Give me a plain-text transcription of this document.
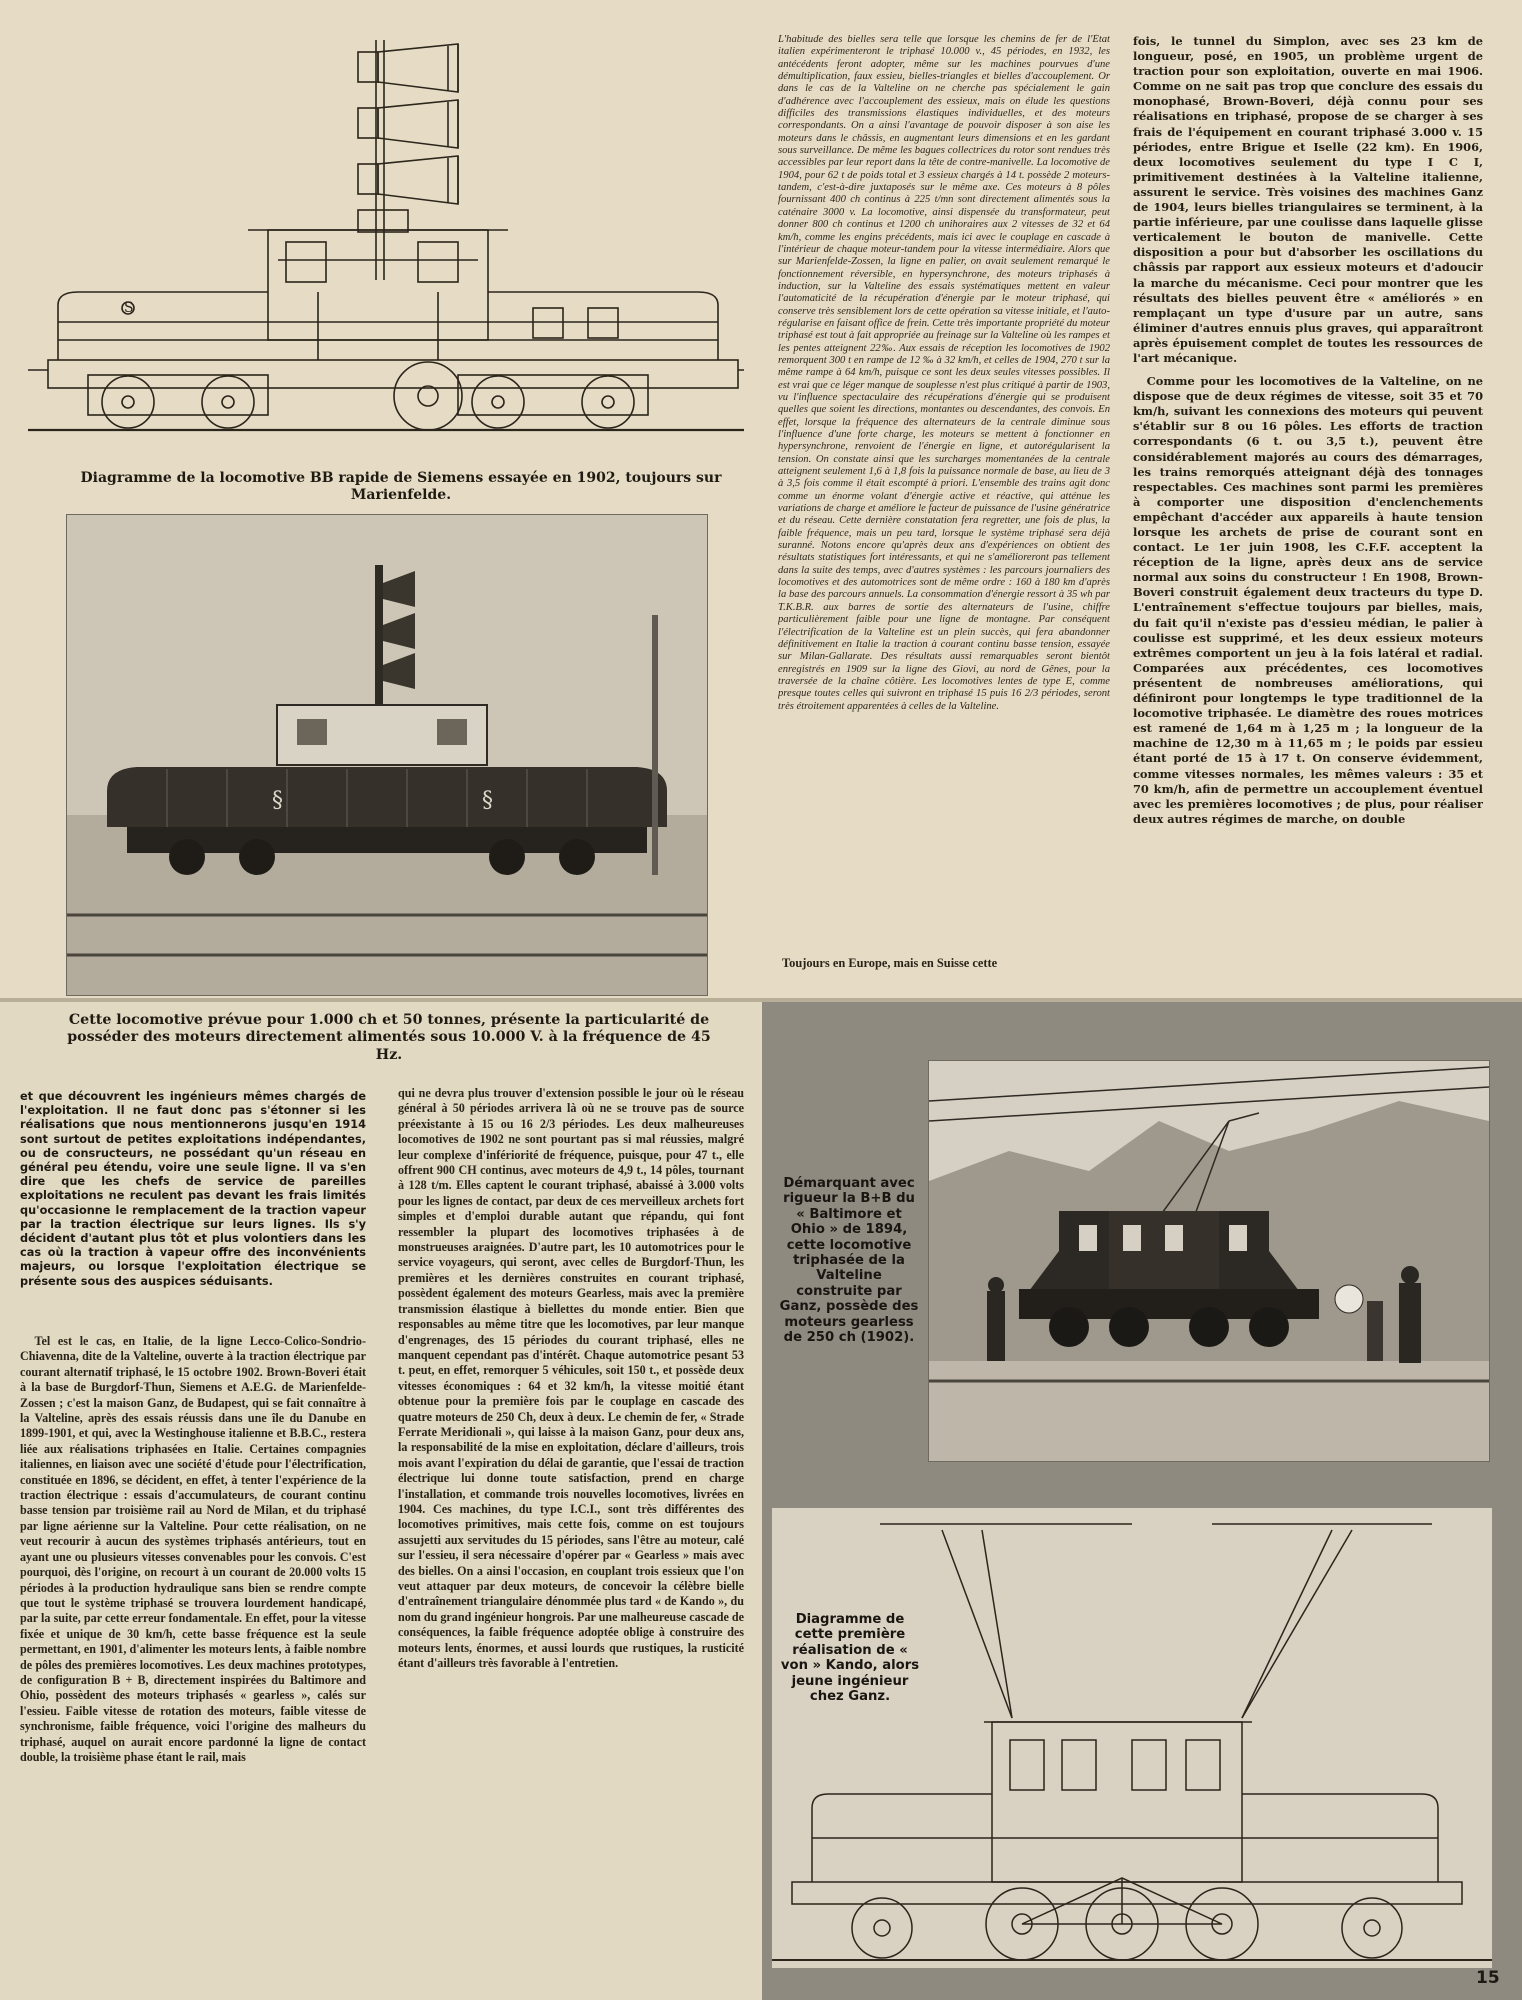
S
Diagramme de la locomotive BB rapide de Siemens essayée en 1902, toujours sur Marienfelde.
§	§
L'habitude des bielles sera telle que lorsque les chemins de fer de l'État italien expérimenteront le triphasé 10.000 v., 45 périodes, en 1932, les antécédents feront adopter, même sur les machines pourvues d'une démultiplication, faux essieu, bielles-triangles et bielles d'accouplement. Or dans le cas de la Valteline on ne cherche pas spécialement le gain d'adhérence avec l'accouplement des essieux, mais on élude les questions difficiles des transmissions élastiques individuelles, et des moteurs correspondants. On a ainsi l'avantage de pouvoir disposer à son aise les moteurs dans le châssis, en augmentant leurs dimensions et en les gardant sous surveillance. De même les bagues collectrices du rotor sont rendues très accessibles par leur report dans la tête de contre-manivelle. La locomotive de 1904, pour 62 t de poids total et 3 essieux chargés à 14 t. possède 2 moteurs-tandem, c'est-à-dire juxtaposés sur le même axe. Ces moteurs à 8 pôles fournissant 400 ch continus à 225 t/mn sont directement alimentés sous la caténaire 3000 v. La locomotive, ainsi dispensée du transformateur, peut donner 800 ch continus et 1200 ch unihoraires aux 2 vitesses de 32 et 64 km/h, comme les engins précédents, mais ici avec le couplage en cascade à l'intérieur de chaque moteur-tandem pour la vitesse intermédiaire. Alors que sur Marienfelde-Zossen, la ligne en palier, on avait seulement remarqué le fonctionnement réversible, en hypersynchrone, des moteurs triphasés à induction, sur la Valteline des essais systématiques mettent en valeur l'automaticité de la récupération d'énergie par le moteur triphasé, qui conserve très sensiblement lors de cette opération sa vitesse initiale, et l'auto-régularise en faisant office de frein. Cette très importante propriété du moteur triphasé est tout à fait appropriée au freinage sur la Valteline où les rampes et les pentes atteignent 22‰. Aux essais de réception les locomotives de 1902 remorquent 300 t en rampe de 12 ‰ à 32 km/h, et celles de 1904, 270 t sur la même rampe à 64 km/h, puisque ce sont les deux seules vitesses possibles. Il est vrai que ce léger manque de souplesse n'est plus critiqué à partir de 1903, vu l'influence spectaculaire des récupérations d'énergie qui se produisent quelles que soient les directions, montantes ou descendantes, des convois. En effet, lorsque la fréquence des alternateurs de la centrale diminue sous l'influence d'une forte charge, les moteurs se mettent à fonctionner en hypersynchrone, renvoient de l'énergie en ligne, et autorégularisent la tension. On constate ainsi que les surcharges momentanées de la centrale atteignent seulement 1,6 à 1,8 fois la puissance normale de base, au lieu de 3 à 3,5 fois comme il était escompté à priori. L'ensemble des trains agit donc comme un énorme volant d'énergie active et réactive, qui atténue les variations de charge et améliore le facteur de puissance de l'usine génératrice et du réseau. Cette dernière constatation fera regretter, une fois de plus, la faible fréquence, mais un peu tard, lorsque le système triphasé sera déjà suranné. Notons encore qu'après deux ans d'expériences on obtient des résultats statistiques fort intéressants, et qui ne s'amélioreront pas tellement dans la suite des temps, avec d'autres systèmes : les parcours journaliers des locomotives et des automotrices sont de même ordre : 160 à 180 km d'après la base des parcours annuels. La consommation d'énergie ressort à 35 wh par T.K.B.R. aux barres de sortie des alternateurs de l'usine, chiffre particulièrement faible pour une ligne de montagne. Par conséquent l'électrification de la Valteline est un plein succès, qui fera abandonner définitivement en Italie la traction à courant continu basse tension, essayée sur Milan-Gallarate. Des résultats aussi remarquables seront bientôt enregistrés en 1909 sur la ligne des Giovi, au nord de Gênes, pour la traversée de la chaîne côtière. Les locomotives lentes de type E, comme presque toutes celles qui suivront en triphasé 15 puis 16 2/3 périodes, seront très étroitement apparentées à celles de la Valteline.
Toujours en Europe, mais en Suisse cette

fois, le tunnel du Simplon, avec ses 23 km de longueur, posé, en 1905, un problème urgent de traction pour son exploitation, ouverte en mai 1906. Comme on ne sait pas trop que conclure des essais du monophasé, Brown-Boveri, déjà connu pour ses réalisations en triphasé, propose de se charger à ses frais de l'équipement en courant triphasé 3.000 v. 15 périodes, entre Brigue et Iselle (22 km). En 1906, deux locomotives seulement du type I C I, primitivement destinées à la Valteline italienne, assurent le service. Très voisines des machines Ganz de 1904, leurs bielles triangulaires se terminent, à la partie inférieure, par une coulisse dans laquelle glisse verticalement le bouton de manivelle. Cette disposition a pour but d'absorber les oscillations du châssis par rapport aux essieux moteurs et d'adoucir la marche du mécanisme. Ceci pour montrer que les résultats des bielles peuvent être « améliorés » en remplaçant un type d'usure par un autre, sans éliminer d'autres ennuis plus graves, qui apparaîtront après épuisement complet de toutes les ressources de l'art mécanique.

Comme pour les locomotives de la Valteline, on ne dispose que de deux régimes de vitesse, soit 35 et 70 km/h, suivant les connexions des moteurs qui peuvent s'établir sur 8 ou 16 pôles. Les efforts de traction correspondants (6 t. ou 3,5 t.), peuvent être considérablement majorés au cours des démarrages, les trains remorqués atteignant déjà des tonnages respectables. Ces machines sont parmi les premières à comporter une disposition d'enclenchements empêchant d'accéder aux appareils à haute tension lorsque les archets de prise de courant sont en contact. Le 1er juin 1908, les C.F.F. acceptent la réception de la ligne, après deux ans de service normal aux soins du constructeur ! En 1908, Brown-Boveri construit également deux tracteurs du type D. L'entraînement s'effectue toujours par bielles, mais, du fait qu'il n'existe pas d'essieu médian, le palier à coulisse est supprimé, et les deux essieux moteurs extrêmes comportent un jeu à la fois latéral et radial. Comparées aux précédentes, ces locomotives présentent de nombreuses améliorations, qui définiront pour longtemps le type traditionnel de la locomotive triphasée. Le diamètre des roues motrices est ramené de 1,64 m à 1,25 m ; la longueur de la machine de 12,30 m à 11,65 m ; le poids par essieu étant porté de 15 à 17 t. On conserve évidemment, comme vitesses normales, les mêmes valeurs : 35 et 70 km/h, afin de permettre un accouplement éventuel avec les premières locomotives ; de plus, pour réaliser deux autres régimes de marche, on double

Cette locomotive prévue pour 1.000 ch et 50 tonnes, présente la particularité de posséder des moteurs directement alimentés sous 10.000 V. à la fréquence de 45 Hz.
et que découvrent les ingénieurs mêmes chargés de l'exploitation. Il ne faut donc pas s'étonner si les réalisations que nous mentionnerons jusqu'en 1914 sont surtout de petites exploitations indépendantes, ou de consructeurs, ne possédant qu'un réseau en général peu étendu, voire une seule ligne. Il va s'en dire que les chefs de service de pareilles exploitations ne reculent pas devant les frais limités qu'occasionne le remplacement de la traction vapeur par la traction électrique sur leurs lignes. Ils s'y décident d'autant plus tôt et plus volontiers dans les cas où la traction à vapeur offre des inconvénients majeurs, ou lorsque l'exploitation électrique se présente sous des auspices séduisants.

Tel est le cas, en Italie, de la ligne Lecco-Colico-Sondrio-Chiavenna, dite de la Valteline, ouverte à la traction électrique par courant alternatif triphasé, le 15 octobre 1902. Brown-Boveri était à la base de Burgdorf-Thun, Siemens et A.E.G. de Marienfelde-Zossen ; c'est la maison Ganz, de Budapest, qui se fait connaître à la Valteline, après des essais réussis dans une île du Danube en 1899-1901, et qui, avec la Westinghouse italienne et B.B.C., restera liée aux réalisations triphasées en Italie. Certaines compagnies italiennes, en liaison avec une société d'étude pour l'électrification, constituée en 1896, se décident, en effet, à tenter l'expérience de la traction électrique : essais d'accumulateurs, de courant continu basse tension par troisième rail au Nord de Milan, et du triphasé par ligne aérienne sur la Valteline. Pour cette réalisation, on ne veut recourir à aucun des systèmes triphasés antérieurs, tout en ayant une ou plusieurs vitesses convenables pour les convois. C'est pourquoi, dès l'origine, on recourt à un courant de 20.000 volts 15 périodes à la production hydraulique sans bien se rendre compte que tout le système triphasé se trouvera lourdement handicapé, par la suite, par cette erreur fondamentale. En effet, pour la vitesse fixée et unique de 30 km/h, cette basse fréquence est la seule permettant, en 1901, d'alimenter les moteurs lents, à faible nombre de pôles des premières locomotives. Les deux machines prototypes, de configuration B + B, directement inspirées du Baltimore and Ohio, possèdent des moteurs triphasés « gearless », calés sur l'essieu. Faible vitesse de rotation des moteurs, faible vitesse de synchronisme, faible fréquence, voici l'origine des malheurs du triphasé, auquel on aurait encore pardonné la ligne de contact double, la troisième phase étant le rail, mais

qui ne devra plus trouver d'extension possible le jour où le réseau général à 50 périodes arrivera là où ne se trouve pas de source préexistante à 15 ou 16 2/3 périodes. Les deux malheureuses locomotives de 1902 ne sont pourtant pas si mal réussies, malgré leur complexe d'infériorité de fréquence, puisque, pour 47 t., elle offrent 900 CH continus, avec moteurs de 4,9 t., 14 pôles, tournant à 128 t/m. Elles captent le courant triphasé, abaissé à 3.000 volts pour les lignes de contact, par deux de ces merveilleux archets fort simples et d'emploi durable autant que répandu, qui font ressembler la plupart des locomotives triphasées à de monstrueuses araignées. D'autre part, les 10 automotrices pour le service voyageurs, qui seront, avec celles de Burgdorf-Thun, les premières et les dernières construites en courant triphasé, possèdent également des moteurs Gearless, mais avec la première transmission élastique à biellettes du monde entier. Bien que responsables au même titre que les locomotives, par leur manque d'engrenages, des 15 périodes du courant triphasé, elles ne manquent cependant pas d'intérêt. Chaque automotrice pesant 53 t. peut, en effet, remorquer 5 véhicules, soit 150 t., et possède deux vitesses économiques : 64 et 32 km/h, la vitesse moitié étant obtenue pour la première fois par le couplage en cascade des quatre moteurs de 250 Ch, deux à deux. Le chemin de fer, « Strade Ferrate Meridionali », qui laisse à la maison Ganz, pour deux ans, la responsabilité de la mise en exploitation, déclare d'ailleurs, trois mois avant l'expiration du délai de garantie, que l'essai de traction électrique lui donne toute satisfaction, prend en charge l'installation, et commande trois nouvelles locomotives, livrées en 1904. Ces machines, du type I.C.I., sont très différentes des locomotives primitives, mais cette fois, comme on est toujours assujetti aux servitudes du 15 périodes, sans l'être au moteur, calé sur l'essieu, il sera nécessaire d'opérer par « Gearless » mais avec des bielles. On a ainsi l'occasion, en couplant trois essieux que l'on veut attaquer par deux moteurs, de concevoir la célèbre bielle d'entraînement triangulaire dénommée plus tard « de Kando », du nom du grand ingénieur hongrois. Par une malheureuse cascade de conséquences, la faible fréquence adoptée oblige à construire des moteurs lents, énormes, et aussi lourds que rustiques, la rusticité étant d'ailleurs très favorable à l'entretien.
Démarquant avec rigueur la B+B du « Baltimore et Ohio » de 1894, cette locomotive triphasée de la Valteline construite par Ganz, possède des moteurs gearless de 250 ch (1902).
Diagramme de cette première réalisation de « von » Kando, alors jeune ingénieur chez Ganz.
15
